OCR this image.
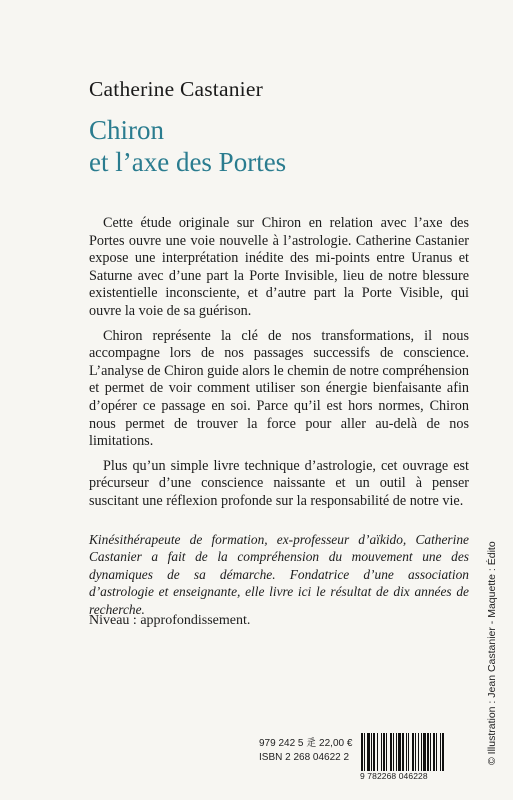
Catherine Castanier
Chiron
et l’axe des Portes

Cette étude originale sur Chiron en relation avec l’axe des Portes ouvre une voie nouvelle à l’astrologie. Catherine Castanier expose une interprétation inédite des mi-points entre Uranus et Saturne avec d’une part la Porte Invisible, lieu de notre blessure existentielle inconsciente, et d’autre part la Porte Visible, qui ouvre la voie de sa guérison.

Chiron représente la clé de nos transformations, il nous accompagne lors de nos passages successifs de conscience. L’analyse de Chiron guide alors le chemin de notre compréhension et permet de voir comment utiliser son énergie bienfaisante afin d’opérer ce passage en soi. Parce qu’il est hors normes, Chiron nous permet de trouver la force pour aller au-delà de nos limitations.

Plus qu’un simple livre technique d’astrologie, cet ouvrage est précurseur d’une conscience naissante et un outil à penser suscitant une réflexion profonde sur la responsabilité de notre vie.

Kinésithérapeute de formation, ex-professeur d’aïkido, Catherine Castanier a fait de la compréhension du mouvement une des dynamiques de sa démarche. Fondatrice d’une association d’astrologie et enseignante, elle livre ici le résultat de dix années de recherche.

Niveau : approfondissement.	© Illustration : Jean Castanier - Maquette : Édito
979 242 5 ⾡ 22,00 €
ISBN 2 268 04622 2
9 782268 046228
